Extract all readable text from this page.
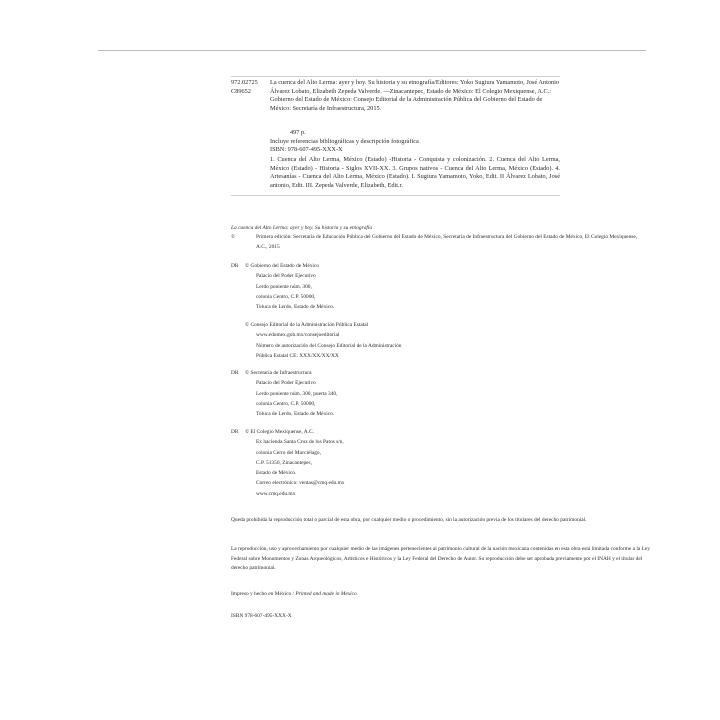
972.02725
C89652
La cuenca del Alto Lerma: ayer y hoy. Su historia y su etnografía/Editores: Yoko Sugiura Yamamoto, José Antonio Álvarez Lobato, Elizabeth Zepeda Valverde. —Zinacantepec, Estado de México: El Colegio Mexiquense, A.C.: Gobierno del Estado de México: Consejo Editorial de la Administración Pública del Gobierno del Estado de México: Secretaría de Infraestructura, 2015.
497 p.
Incluye referencias bibliográficas y descripción fotográfica
ISBN: 978-607-495-XXX-X
1. Cuenca del Alto Lerma, México (Estado) -Historia - Conquista y colonización. 2. Cuenca del Alto Lerma, México (Estado) - Historia - Siglos XVII-XX. 3. Grupos nativos - Cuenca del Alto Lerma, México (Estado). 4. Artesanías - Cuenca del Alto Lerma, México (Estado). I. Sugiura Yamamoto, Yoko, Edit. II Álvarez Lobato, José antonio, Edit. III. Zepeda Valverde, Elizabeth, Edit.r.
La cuenca del Alto Lerma: ayer y hoy. Su historia y su etnografía
©	Primera edición: Secretaría de Educación Pública del Gobierno del Estado de México, Secretaría de Infraestructura del Gobierno del Estado de México, El Colegio Mexiquense, A.C., 2015
DR © Gobierno del Estado de México
Palacio del Poder Ejecutivo
Lerdo poniente núm. 300,
colonia Centro, C.P. 50000,
Toluca de Lerdo, Estado de México.
© Consejo Editorial de la Administración Pública Estatal
www.edomex.gob.mx/consejoeditorial
Número de autorización del Consejo Editorial de la Administración
Pública Estatal CE: XXX/XX/XX/XX
DR © Secretaría de Infraestructura
Palacio del Poder Ejecutivo
Lerdo poniente núm. 300, puerta 340,
colonia Centro, C.P. 50000,
Toluca de Lerdo, Estado de México.
DR © El Colegio Mexiquense, A.C.
Ex hacienda Santa Cruz de los Patos s/n,
colonia Cerro del Murciélago,
C.P. 51350, Zinacantepec,
Estado de México.
Correo electrónico: ventas@cmq.edu.mx
www.cmq.edu.mx
Queda prohibida la reproducción total o parcial de esta obra, por cualquier medio o procedimiento, sin la autorización previa de los titulares del derecho patrimonial.
La reproducción, uso y aprovechamiento por cualquier medio de las imágenes pertenecientes al patrimonio cultural de la nación mexicana contenidas en esta obra está limitada conforme a la Ley Federal sobre Monumentos y Zonas Arqueológicos, Artísticos e Históricos y la Ley Federal del Derecho de Autor. Su reproducción debe ser aprobada previamente por el INAH y el titular del derecho patrimonial.
Impreso y hecho en México / Printed and made in Mexico
ISBN 978-607-495-XXX-X
